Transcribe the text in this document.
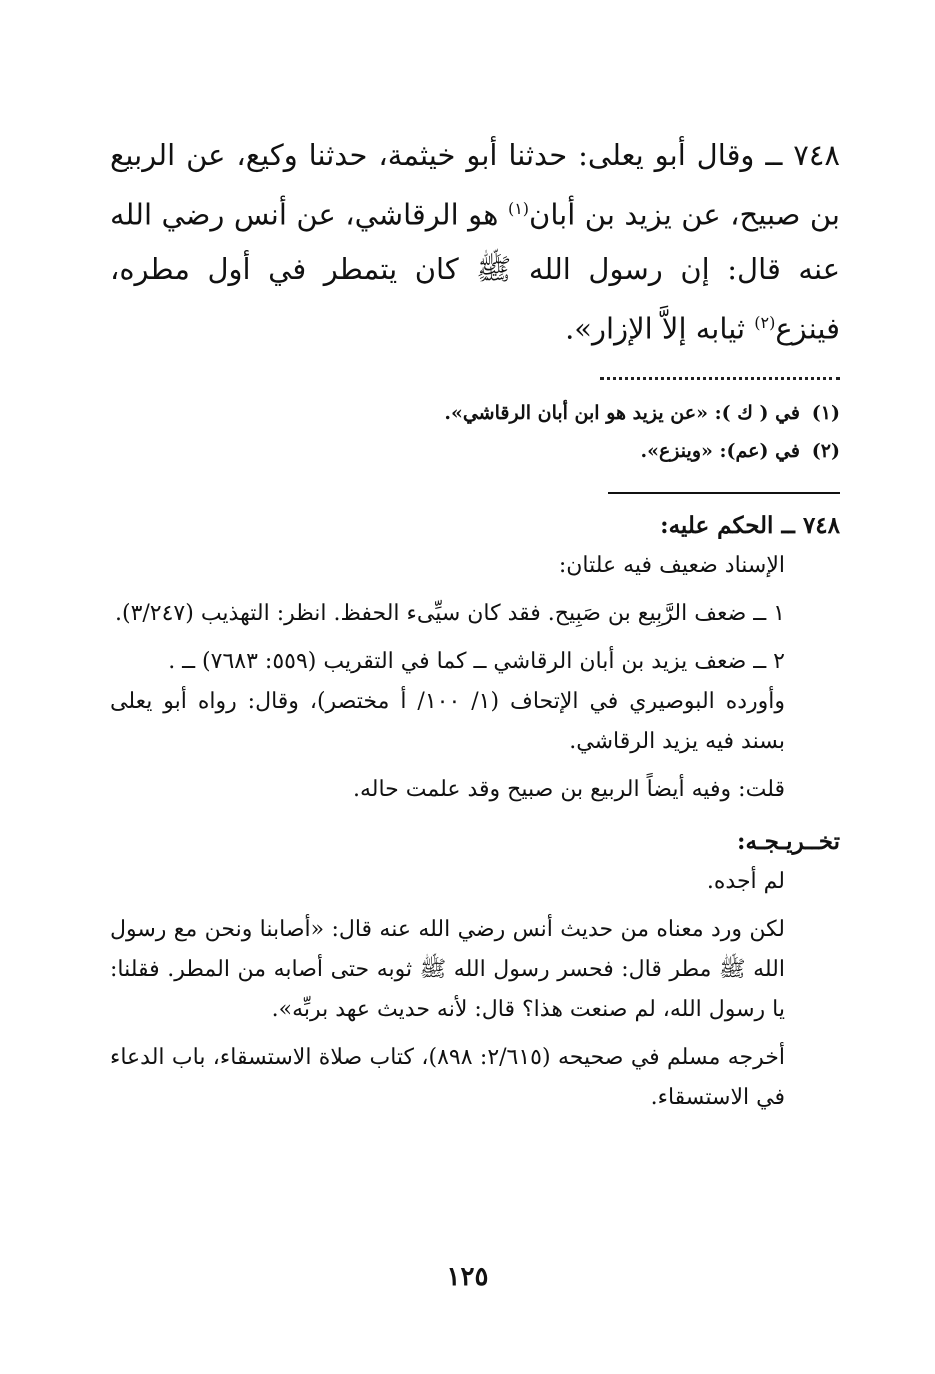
٧٤٨ ــ وقال أبو يعلى: حدثنا أبو خيثمة، حدثنا وكيع، عن الربيع بن صبيح، عن يزيد بن أبان$^{(١)}$ هو الرقاشي، عن أنس رضي الله عنه قال: إن رسول الله ﷺ كان يتمطر في أول مطره، فينزع$^{(٢)}$ ثيابه إلاَّ الإزار».

(١)في ( ك ): «عن يزيد هو ابن أبان الرقاشي».

(٢)في (عم): «وينزع».

٧٤٨ ــ الحكم عليه:

الإسناد ضعيف فيه علتان:

١ ــ ضعف الرَّبِيع بن صَبِيح. فقد كان سيِّىء الحفظ. انظر: التهذيب (٣/٢٤٧).

٢ ــ ضعف يزيد بن أبان الرقاشي ــ كما في التقريب (٥٥٩: ٧٦٨٣) ــ .

وأورده البوصيري في الإتحاف (١/ ١٠٠/ أ مختصر)، وقال: رواه أبو يعلى بسند فيه يزيد الرقاشي.

قلت: وفيه أيضاً الربيع بن صبيح وقد علمت حاله.

تخــريـجـه:

لم أجده.

لكن ورد معناه من حديث أنس رضي الله عنه قال: «أصابنا ونحن مع رسول الله ﷺ مطر قال: فحسر رسول الله ﷺ ثوبه حتى أصابه من المطر. فقلنا: يا رسول الله، لم صنعت هذا؟ قال: لأنه حديث عهد بربِّه».

أخرجه مسلم في صحيحه (٢/٦١٥: ٨٩٨)، كتاب صلاة الاستسقاء، باب الدعاء في الاستسقاء.

١٢٥
